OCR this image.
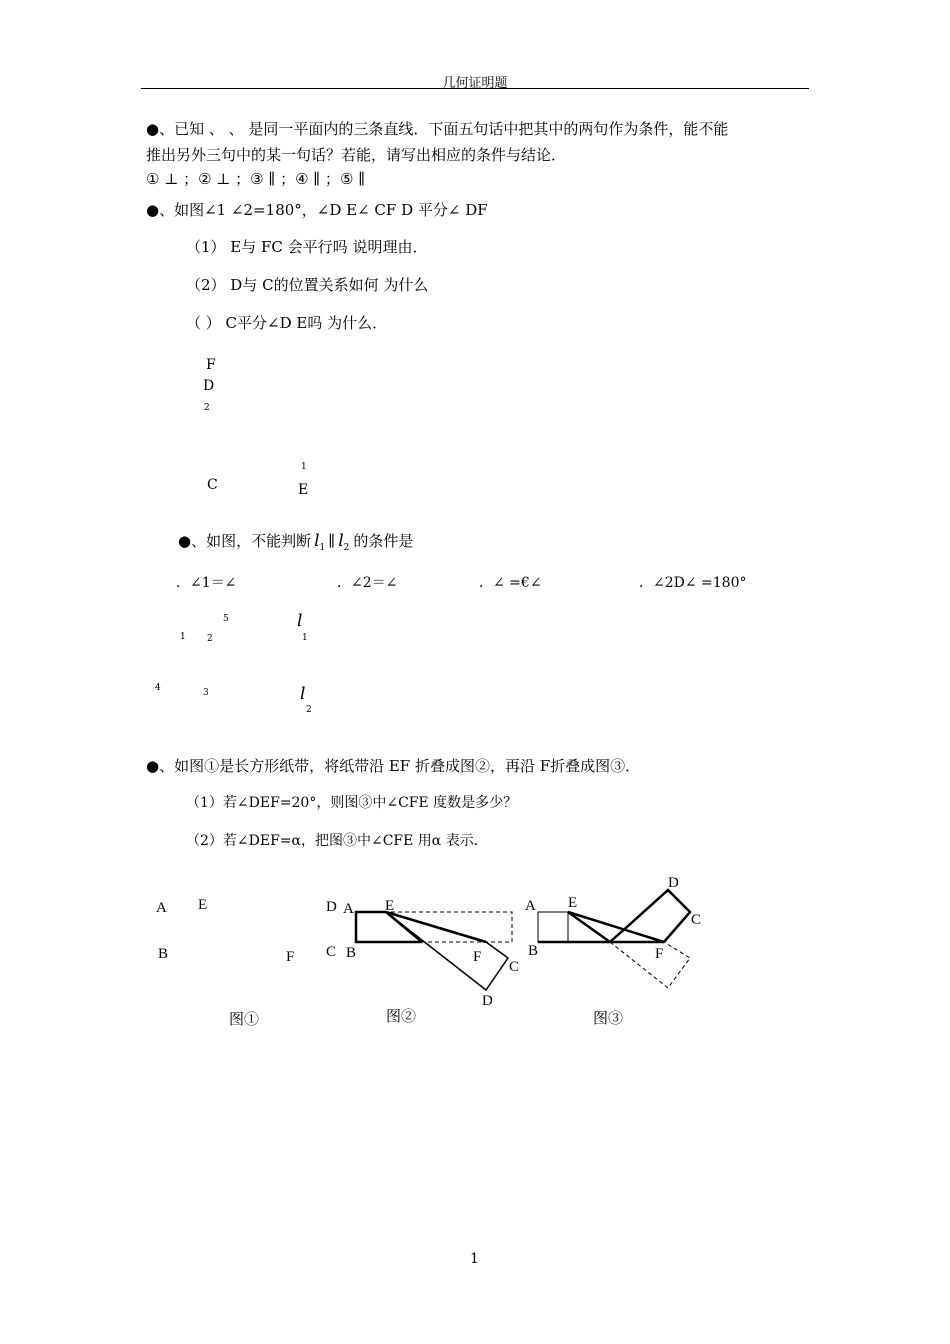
几何证明题
●、已知 、 、 是同一平面内的三条直线．下面五句话中把其中的两句作为条件，能不能
推出另外三句中的某一句话？若能，请写出相应的条件与结论．
① ⊥ ；② ⊥ ；③ ∥ ；④ ∥ ；⑤ ∥
●、如图∠1 ∠2=180°，∠D E∠ CF D 平分∠ DF
（1） E与 FC 会平行吗 说明理由．
（2） D与 C的位置关系如何 为什么
（ ） C平分∠D E吗 为什么．
F
D
2
1
C	E
●、如图，不能判断 $l_1$ ∥ $l_2$ 的条件是
．∠1＝∠	．∠2＝∠	．∠ =€∠	．∠2D∠ =180°
5
1 2
l
1
4	3	l
2
●、如图①是长方形纸带，将纸带沿 EF 折叠成图②，再沿 F折叠成图③．
（1）若∠DEF=20°，则图③中∠CFE 度数是多少？
（2）若∠DEF=α，把图③中∠CFE 用α 表示．
A E
B	F
图①
D A E
C B	F
C
D
图②
A E
B	F
D
C
图③
1
